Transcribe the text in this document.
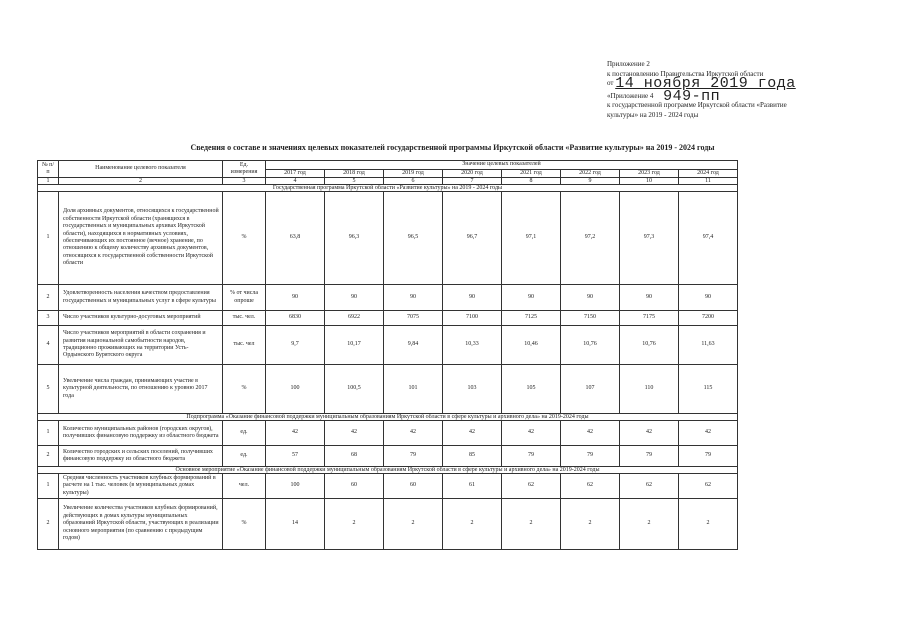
Приложение 2
к постановлению Правительства Иркутской области
от 14 ноября 2019 года
«Приложение 4 949-пп
к государственной программе Иркутской области «Развитие
культуры» на 2019 - 2024 годы
Сведения о составе и значениях целевых показателей государственной программы Иркутской области «Развитие культуры» на 2019 - 2024 годы
№ п/п	Наименование целевого показателя	Ед. измерения	Значение целевых показателей							
			2017 год	2018 год	2019 год	2020 год	2021 год	2022 год	2023 год	2024 год
1	2	3	4	5	6	7	8	9	10	11
Государственная программа Иркутской области «Развитие культуры» на 2019 - 2024 годы										
1	Доля архивных документов, относящихся к государственной собственности Иркутской области (хранящихся в государственных и муниципальных архивах Иркутской области), находящихся в нормативных условиях, обеспечивающих их постоянное (вечное) хранение, по отношению к общему количеству архивных документов, относящихся к государственной собственности Иркутской области	%	63,8	96,3	96,5	96,7	97,1	97,2	97,3	97,4
2	Удовлетворенность населения качеством предоставления государственных и муниципальных услуг в сфере культуры	% от числа опроше	90	90	90	90	90	90	90	90
3	Число участников культурно-досуговых мероприятий	тыс. чел.	6830	6922	7075	7100	7125	7150	7175	7200
4	Число участников мероприятий в области сохранения и развития национальной самобытности народов, традиционно проживающих на территории Усть-Ордынского Бурятского округа	тыс. чел	9,7	10,17	9,84	10,33	10,46	10,76	10,76	11,63
5	Увеличение числа граждан, принимающих участие в культурной деятельности, по отношению к уровню 2017 года	%	100	100,5	101	103	105	107	110	115
Подпрограмма «Оказание финансовой поддержки муниципальным образованиям Иркутской области в сфере культуры и архивного дела» на 2019-2024 годы										
1	Количество муниципальных районов (городских округов), получивших финансовую поддержку из областного бюджета	ед.	42	42	42	42	42	42	42	42
2	Количество городских и сельских поселений, получивших финансовую поддержку из областного бюджета	ед.	57	68	79	85	79	79	79	79
Основное мероприятие «Оказание финансовой поддержки муниципальным образованиям Иркутской области в сфере культуры и архивного дела» на 2019-2024 годы										
1	Средняя численность участников клубных формирований в расчете на 1 тыс. человек (в муниципальных домах культуры)	чел.	100	60	60	61	62	62	62	62
2	Увеличение количества участников клубных формирований, действующих в домах культуры муниципальных образований Иркутской области, участвующих в реализации основного мероприятия (по сравнению с предыдущим годом)	%	14	2	2	2	2	2	2	2
